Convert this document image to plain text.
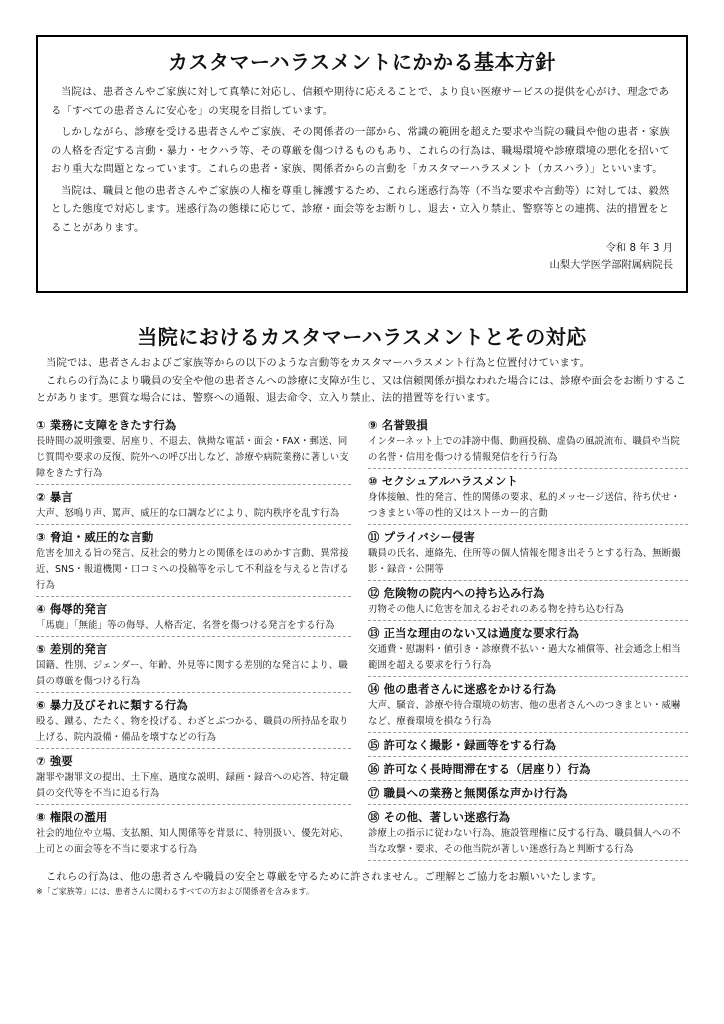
カスタマーハラスメントにかかる基本方針

当院は、患者さんやご家族に対して真摯に対応し、信頼や期待に応えることで、より良い医療サービスの提供を心がけ、理念である「すべての患者さんに安心を」の実現を目指しています。

しかしながら、診療を受ける患者さんやご家族、その関係者の一部から、常識の範囲を超えた要求や当院の職員や他の患者・家族の人格を否定する言動・暴力・セクハラ等、その尊厳を傷つけるものもあり、これらの行為は、職場環境や診療環境の悪化を招いており重大な問題となっています。これらの患者・家族、関係者からの言動を「カスタマーハラスメント（カスハラ）」といいます。

当院は、職員と他の患者さんやご家族の人権を尊重し擁護するため、これら迷惑行為等（不当な要求や言動等）に対しては、毅然とした態度で対応します。迷惑行為の態様に応じて、診療・面会等をお断りし、退去・立入り禁止、警察等との連携、法的措置をとることがあります。

令和 8 年 3 月
山梨大学医学部附属病院長
当院におけるカスタマーハラスメントとその対応

当院では、患者さんおよびご家族等からの以下のような言動等をカスタマーハラスメント行為と位置付けています。

これらの行為により職員の安全や他の患者さんへの診療に支障が生じ、又は信頼関係が損なわれた場合には、診療や面会をお断りすることがあります。悪質な場合には、警察への通報、退去命令、立入り禁止、法的措置等を行います。

① 業務に支障をきたす行為
長時間の説明強要、居座り、不退去、執拗な電話・面会・FAX・郵送、同じ質問や要求の反復、院外への呼び出しなど、診療や病院業務に著しい支障をきたす行為
② 暴言
大声、怒鳴り声、罵声、威圧的な口調などにより、院内秩序を乱す行為
③ 脅迫・威圧的な言動
危害を加える旨の発言、反社会的勢力との関係をほのめかす言動、異常接近、SNS・報道機関・口コミへの投稿等を示して不利益を与えると告げる行為
④ 侮辱的発言
「馬鹿」「無能」等の侮辱、人格否定、名誉を傷つける発言をする行為
⑤ 差別的発言
国籍、性別、ジェンダー、年齢、外見等に関する差別的な発言により、職員の尊厳を傷つける行為
⑥ 暴力及びそれに類する行為
殴る、蹴る、たたく、物を投げる、わざとぶつかる、職員の所持品を取り上げる、院内設備・備品を壊すなどの行為
⑦ 強要
謝罪や謝罪文の提出、土下座、過度な説明、録画・録音への応答、特定職員の交代等を不当に迫る行為
⑧ 権限の濫用
社会的地位や立場、支払額、知人関係等を背景に、特別扱い、優先対応、上司との面会等を不当に要求する行為
⑨ 名誉毀損
インターネット上での誹謗中傷、動画投稿、虚偽の風説流布、職員や当院の名誉・信用を傷つける情報発信を行う行為
⑩ セクシュアルハラスメント
身体接触、性的発言、性的関係の要求、私的メッセージ送信、待ち伏せ・つきまとい等の性的又はストーカー的言動
⑪ プライバシー侵害
職員の氏名、連絡先、住所等の個人情報を聞き出そうとする行為、無断撮影・録音・公開等
⑫ 危険物の院内への持ち込み行為
刃物その他人に危害を加えるおそれのある物を持ち込む行為
⑬ 正当な理由のない又は過度な要求行為
交通費・慰謝料・値引き・診療費不払い・過大な補償等、社会通念上相当範囲を超える要求を行う行為
⑭ 他の患者さんに迷惑をかける行為
大声、騒音、診療や待合環境の妨害、他の患者さんへのつきまとい・威嚇など、療養環境を損なう行為
⑮ 許可なく撮影・録画等をする行為
⑯ 許可なく長時間滞在する（居座り）行為
⑰ 職員への業務と無関係な声かけ行為
⑱ その他、著しい迷惑行為
診療上の指示に従わない行為、施設管理権に反する行為、職員個人への不当な攻撃・要求、その他当院が著しい迷惑行為と判断する行為
これらの行為は、他の患者さんや職員の安全と尊厳を守るために許されません。ご理解とご協力をお願いいたします。
※「ご家族等」には、患者さんに関わるすべての方および関係者を含みます。
